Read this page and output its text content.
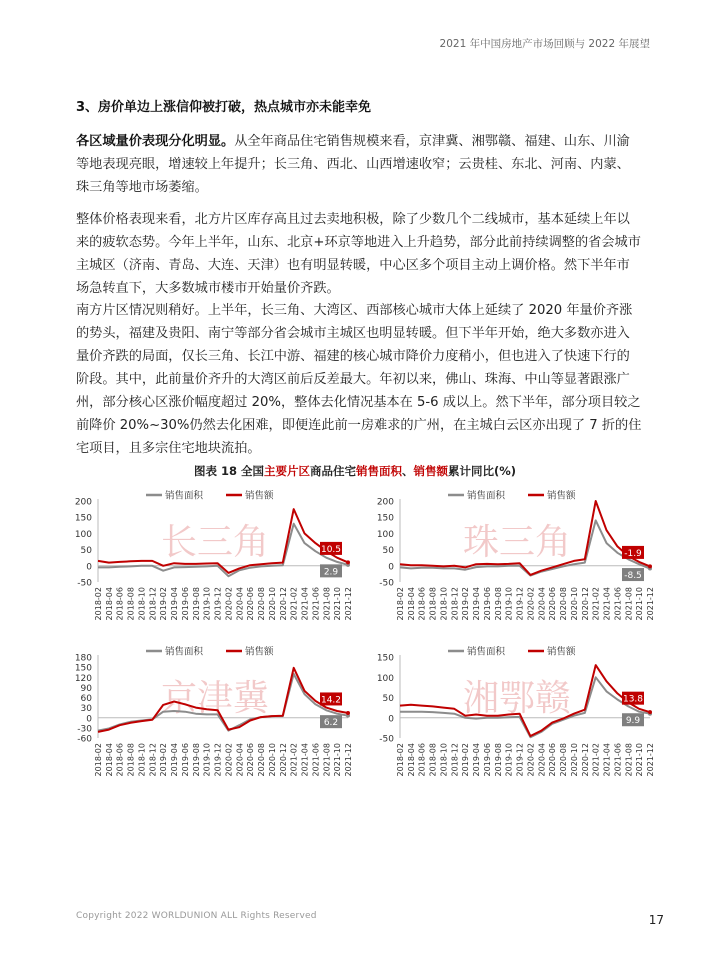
2021 年中国房地产市场回顾与 2022 年展望
3、房价单边上涨信仰被打破，热点城市亦未能幸免
各区域量价表现分化明显。从全年商品住宅销售规模来看，京津冀、湘鄂赣、福建、山东、川渝等地表现亮眼，增速较上年提升；长三角、西北、山西增速收窄；云贵桂、东北、河南、内蒙、珠三角等地市场萎缩。
整体价格表现来看，北方片区库存高且过去卖地积极，除了少数几个二线城市，基本延续上年以来的疲软态势。今年上半年，山东、北京+环京等地进入上升趋势，部分此前持续调整的省会城市主城区（济南、青岛、大连、天津）也有明显转暖，中心区多个项目主动上调价格。然下半年市场急转直下，大多数城市楼市开始量价齐跌。
南方片区情况则稍好。上半年，长三角、大湾区、西部核心城市大体上延续了 2020 年量价齐涨的势头，福建及贵阳、南宁等部分省会城市主城区也明显转暖。但下半年开始，绝大多数亦进入量价齐跌的局面，仅长三角、长江中游、福建的核心城市降价力度稍小，但也进入了快速下行的阶段。其中，此前量价齐升的大湾区前后反差最大。年初以来，佛山、珠海、中山等显著跟涨广州，部分核心区涨价幅度超过 20%，整体去化情况基本在 5-6 成以上。然下半年，部分项目较之前降价 20%~30%仍然去化困难，即便连此前一房难求的广州，在主城白云区亦出现了 7 折的住宅项目，且多宗住宅地块流拍。
图表 18 全国主要片区商品住宅销售面积、销售额累计同比(%)
长三角
-50
0
50
100
150
200
2018-02 2018-04 2018-06 2018-08 2018-10 2018-12 2019-02 2019-04 2019-06 2019-08 2019-10 2019-12 2020-02 2020-04 2020-06 2020-08 2020-10 2020-12 2021-02 2021-04 2021-06 2021-08 2021-10 2021-12
10.5
2.9
销售面积	销售额
珠三角
-50
0
50
100
150
200
2018-02 2018-04 2018-06 2018-08 2018-10 2018-12 2019-02 2019-04 2019-06 2019-08 2019-10 2019-12 2020-02 2020-04 2020-06 2020-08 2020-10 2020-12 2021-02 2021-04 2021-06 2021-08 2021-10 2021-12
-1.9
-8.5
销售面积	销售额
京津冀
-60
-30
0
30
60
90
120
150
180
2018-02 2018-04 2018-06 2018-08 2018-10 2018-12 2019-02 2019-04 2019-06 2019-08 2019-10 2019-12 2020-02 2020-04 2020-06 2020-08 2020-10 2020-12 2021-02 2021-04 2021-06 2021-08 2021-10 2021-12
14.2
6.2
销售面积	销售额
湘鄂赣
-50
0
50
100
150
2018-02 2018-04 2018-06 2018-08 2018-10 2018-12 2019-02 2019-04 2019-06 2019-08 2019-10 2019-12 2020-02 2020-04 2020-06 2020-08 2020-10 2020-12 2021-02 2021-04 2021-06 2021-08 2021-10 2021-12
13.8
9.9
销售面积	销售额
Copyright 2022 WORLDUNION ALL Rights Reserved	17
